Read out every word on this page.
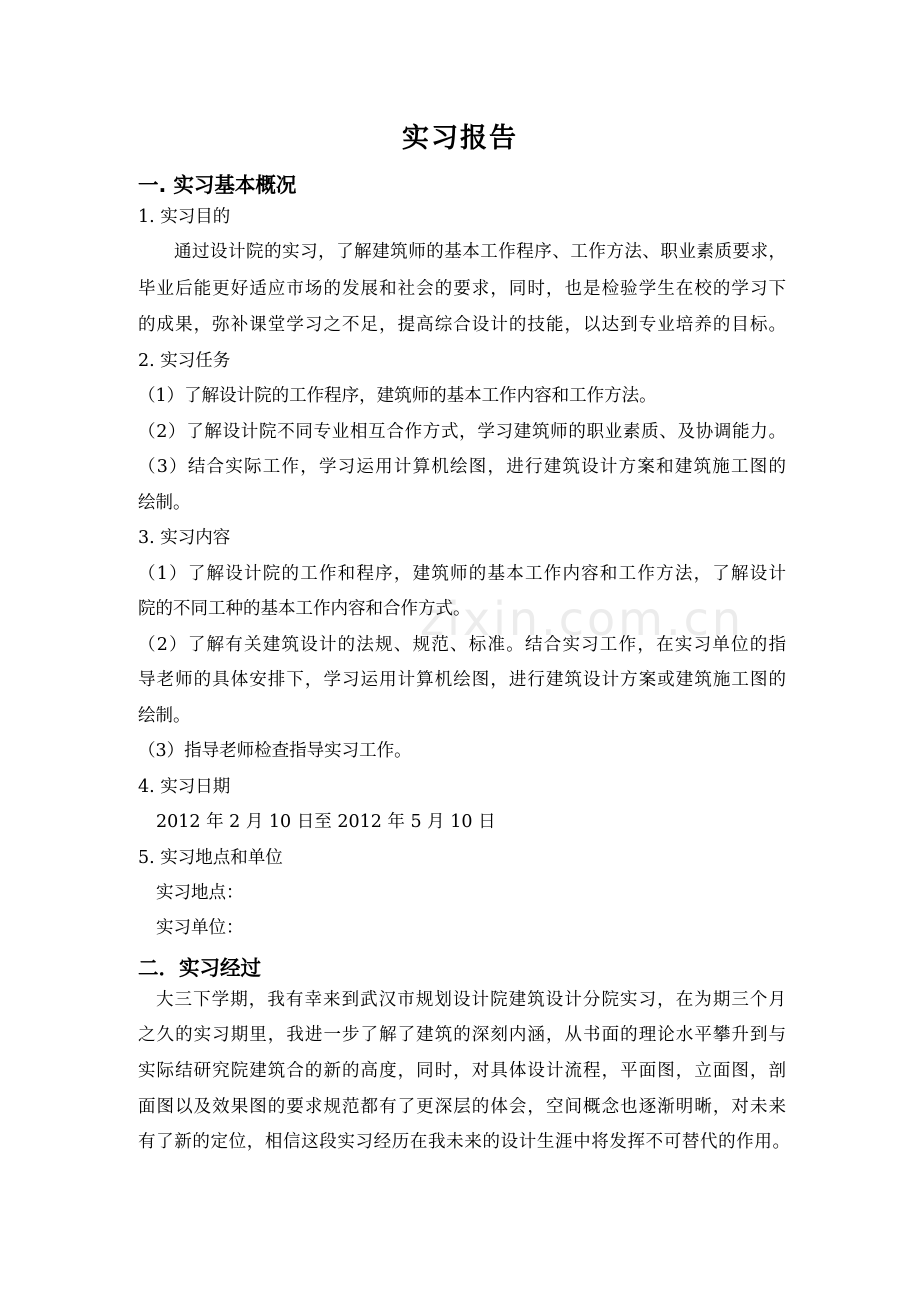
zixin.com.cn
实习报告
一. 实习基本概况
1. 实习目的
通过设计院的实习，了解建筑师的基本工作程序、工作方法、职业素质要求，
毕业后能更好适应市场的发展和社会的要求，同时，也是检验学生在校的学习下
的成果，弥补课堂学习之不足，提高综合设计的技能，以达到专业培养的目标。
2. 实习任务
（1）了解设计院的工作程序，建筑师的基本工作内容和工作方法。
（2）了解设计院不同专业相互合作方式，学习建筑师的职业素质、及协调能力。
（3）结合实际工作，学习运用计算机绘图，进行建筑设计方案和建筑施工图的
绘制。
3. 实习内容
（1）了解设计院的工作和程序，建筑师的基本工作内容和工作方法，了解设计
院的不同工种的基本工作内容和合作方式。
（2）了解有关建筑设计的法规、规范、标准。结合实习工作，在实习单位的指
导老师的具体安排下，学习运用计算机绘图，进行建筑设计方案或建筑施工图的
绘制。
（3）指导老师检查指导实习工作。
4. 实习日期
2012 年 2 月 10 日至 2012 年 5 月 10 日
5. 实习地点和单位
实习地点：
实习单位：
二．实习经过
大三下学期，我有幸来到武汉市规划设计院建筑设计分院实习，在为期三个月
之久的实习期里，我进一步了解了建筑的深刻内涵，从书面的理论水平攀升到与
实际结研究院建筑合的新的高度，同时，对具体设计流程，平面图，立面图，剖
面图以及效果图的要求规范都有了更深层的体会，空间概念也逐渐明晰，对未来
有了新的定位，相信这段实习经历在我未来的设计生涯中将发挥不可替代的作用。
